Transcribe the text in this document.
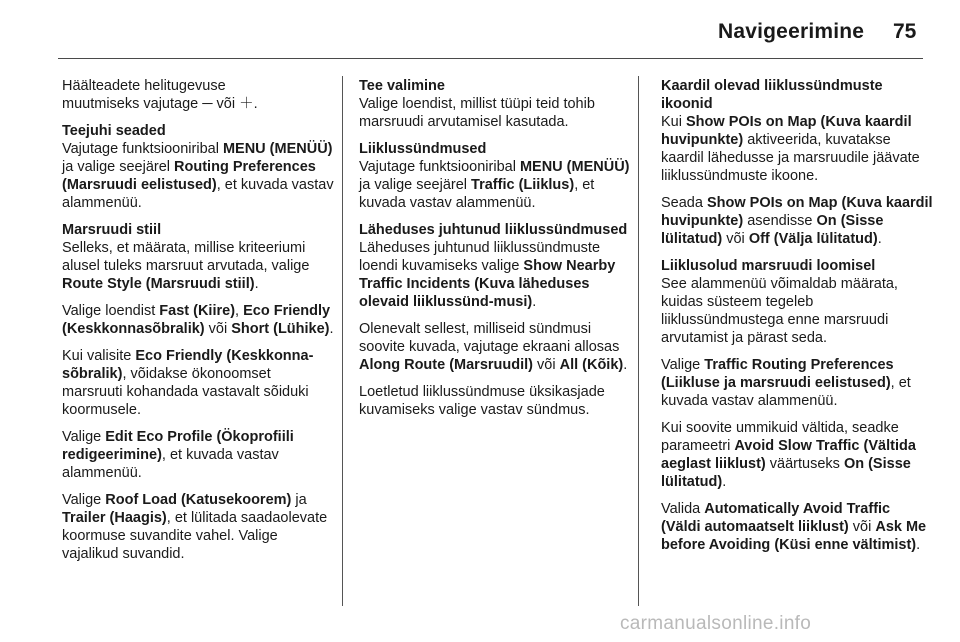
Navigeerimine 75

Häälteadete helitugevuse
muutmiseks vajutage ─ või ＋.

Teejuhi seaded

Vajutage funktsiooniribal MENU (MENÜÜ) ja valige seejärel Routing Preferences (Marsruudi eelistused), et kuvada vastav alammenüü.

Marsruudi stiil

Selleks, et määrata, millise kriteeriumi alusel tuleks marsruut arvutada, valige Route Style (Marsruudi stiil).

Valige loendist Fast (Kiire), Eco Friendly (Keskkonnasõbralik) või Short (Lühike).

Kui valisite Eco Friendly (Keskkonna-sõbralik), võidakse ökonoomset marsruuti kohandada vastavalt sõiduki koormusele.

Valige Edit Eco Profile (Ökoprofiili redigeerimine), et kuvada vastav alammenüü.

Valige Roof Load (Katusekoorem) ja Trailer (Haagis), et lülitada saadaolevate koormuse suvandite vahel. Valige vajalikud suvandid.

Tee valimine

Valige loendist, millist tüüpi teid tohib marsruudi arvutamisel kasutada.

Liiklussündmused

Vajutage funktsiooniribal MENU (MENÜÜ) ja valige seejärel Traffic (Liiklus), et kuvada vastav alammenüü.

Läheduses juhtunud liiklussündmused

Läheduses juhtunud liiklussündmuste loendi kuvamiseks valige Show Nearby Traffic Incidents (Kuva läheduses olevaid liiklussünd-musi).

Olenevalt sellest, milliseid sündmusi soovite kuvada, vajutage ekraani allosas Along Route (Marsruudil) või All (Kõik).

Loetletud liiklussündmuse üksikasjade kuvamiseks valige vastav sündmus.

Kaardil olevad liiklussündmuste ikoonid

Kui Show POIs on Map (Kuva kaardil huvipunkte) aktiveerida, kuvatakse kaardil lähedusse ja marsruudile jäävate liiklussündmuste ikoone.

Seada Show POIs on Map (Kuva kaardil huvipunkte) asendisse On (Sisse lülitatud) või Off (Välja lülitatud).

Liiklusolud marsruudi loomisel

See alammenüü võimaldab määrata, kuidas süsteem tegeleb liiklussündmustega enne marsruudi arvutamist ja pärast seda.

Valige Traffic Routing Preferences (Liikluse ja marsruudi eelistused), et kuvada vastav alammenüü.

Kui soovite ummikuid vältida, seadke parameetri Avoid Slow Traffic (Vältida aeglast liiklust) väärtuseks On (Sisse lülitatud).

Valida Automatically Avoid Traffic (Väldi automaatselt liiklust) või Ask Me before Avoiding (Küsi enne vältimist).

carmanualsonline.info
